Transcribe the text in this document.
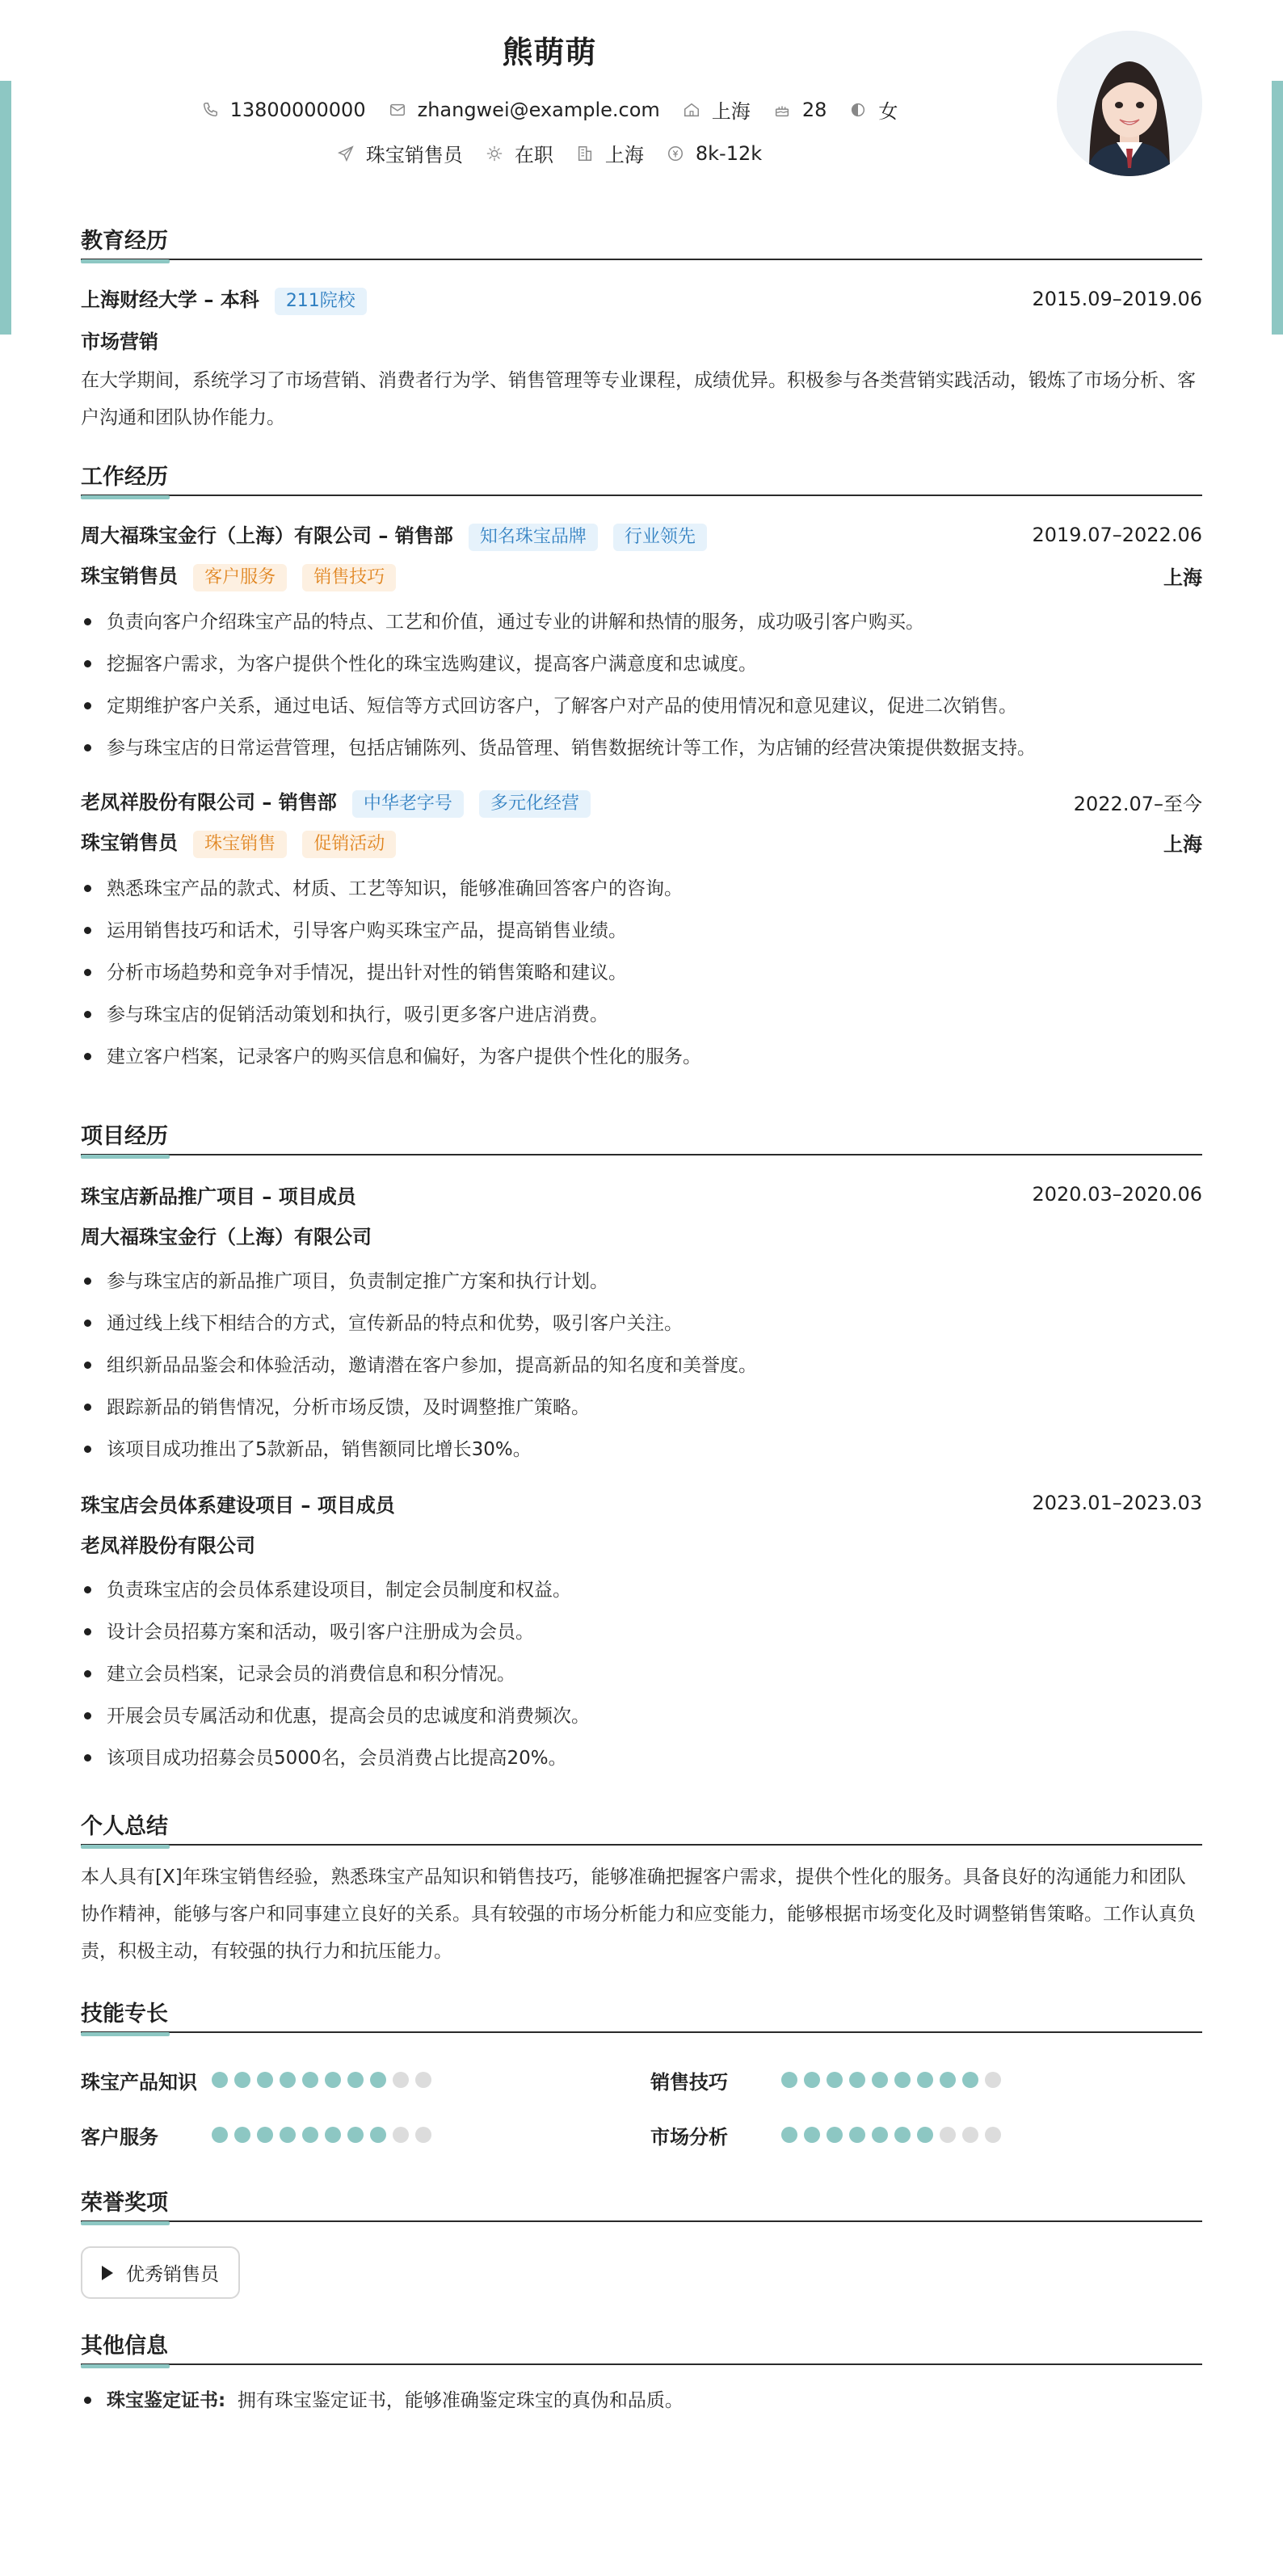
熊萌萌
13800000000	zhangwei@example.com	上海	28	女
珠宝销售员	在职	上海	8k-12k
教育经历
上海财经大学 – 本科 211院校	2015.09–2019.06
市场营销

在大学期间，系统学习了市场营销、消费者行为学、销售管理等专业课程，成绩优异。积极参与各类营销实践活动，锻炼了市场分析、客户沟通和团队协作能力。

工作经历
周大福珠宝金行（上海）有限公司 – 销售部 知名珠宝品牌 行业领先	2019.07–2022.06
珠宝销售员 客户服务 销售技巧	上海
负责向客户介绍珠宝产品的特点、工艺和价值，通过专业的讲解和热情的服务，成功吸引客户购买。
挖掘客户需求，为客户提供个性化的珠宝选购建议，提高客户满意度和忠诚度。
定期维护客户关系，通过电话、短信等方式回访客户，了解客户对产品的使用情况和意见建议，促进二次销售。
参与珠宝店的日常运营管理，包括店铺陈列、货品管理、销售数据统计等工作，为店铺的经营决策提供数据支持。
老凤祥股份有限公司 – 销售部 中华老字号 多元化经营	2022.07–至今
珠宝销售员 珠宝销售 促销活动	上海
熟悉珠宝产品的款式、材质、工艺等知识，能够准确回答客户的咨询。
运用销售技巧和话术，引导客户购买珠宝产品，提高销售业绩。
分析市场趋势和竞争对手情况，提出针对性的销售策略和建议。
参与珠宝店的促销活动策划和执行，吸引更多客户进店消费。
建立客户档案，记录客户的购买信息和偏好，为客户提供个性化的服务。
项目经历
珠宝店新品推广项目 – 项目成员	2020.03–2020.06
周大福珠宝金行（上海）有限公司
参与珠宝店的新品推广项目，负责制定推广方案和执行计划。
通过线上线下相结合的方式，宣传新品的特点和优势，吸引客户关注。
组织新品品鉴会和体验活动，邀请潜在客户参加，提高新品的知名度和美誉度。
跟踪新品的销售情况，分析市场反馈，及时调整推广策略。
该项目成功推出了5款新品，销售额同比增长30%。
珠宝店会员体系建设项目 – 项目成员	2023.01–2023.03
老凤祥股份有限公司
负责珠宝店的会员体系建设项目，制定会员制度和权益。
设计会员招募方案和活动，吸引客户注册成为会员。
建立会员档案，记录会员的消费信息和积分情况。
开展会员专属活动和优惠，提高会员的忠诚度和消费频次。
该项目成功招募会员5000名，会员消费占比提高20%。
个人总结

本人具有[X]年珠宝销售经验，熟悉珠宝产品知识和销售技巧，能够准确把握客户需求，提供个性化的服务。具备良好的沟通能力和团队协作精神，能够与客户和同事建立良好的关系。具有较强的市场分析能力和应变能力，能够根据市场变化及时调整销售策略。工作认真负责，积极主动，有较强的执行力和抗压能力。

技能专长
珠宝产品知识	销售技巧
客户服务	市场分析
荣誉奖项
优秀销售员
其他信息
珠宝鉴定证书: 拥有珠宝鉴定证书，能够准确鉴定珠宝的真伪和品质。
